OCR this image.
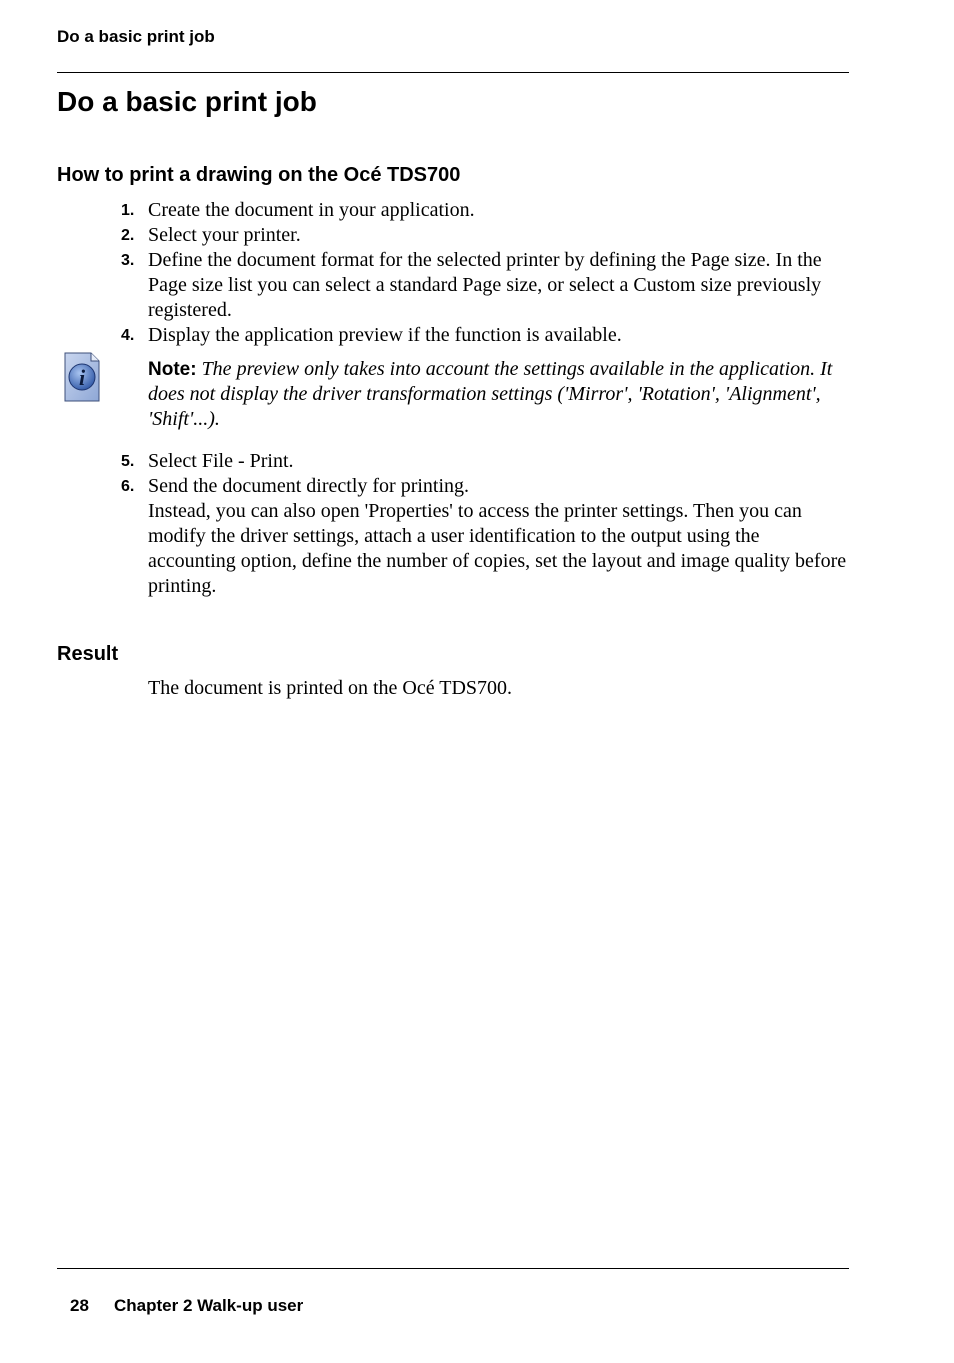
Do a basic print job
Do a basic print job
How to print a drawing on the Océ TDS700
1. Create the document in your application.
2. Select your printer.
3. Define the document format for the selected printer by defining the Page size. In the Page size list you can select a standard Page size, or select a Custom size previously registered.
4. Display the application preview if the function is available.
i	Note: The preview only takes into account the settings available in the application. It does not display the driver transformation settings ('Mirror', 'Rotation', 'Alignment', 'Shift'...).
5. Select File - Print.
6. Send the document directly for printing.
Instead, you can also open 'Properties' to access the printer settings. Then you can modify the driver settings, attach a user identification to the output using the accounting option, define the number of copies, set the layout and image quality before printing.
Result
The document is printed on the Océ TDS700.
28 Chapter 2 Walk-up user
